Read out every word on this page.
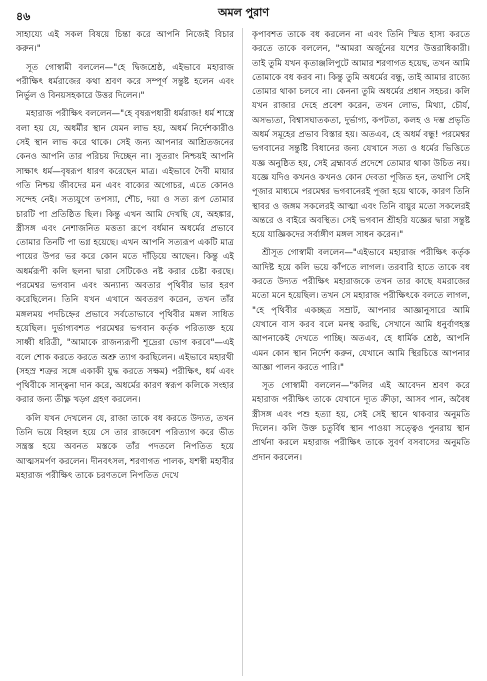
৪৬	অমল পুরাণ

সাহায্যে এই সকল বিষয়ে চিন্তা করে আপনি নিজেই বিচার করুন।"

সূত গোস্বামী বললেন—"হে দ্বিজশ্রেষ্ঠ, এইভাবে মহারাজ পরীক্ষিৎ ধর্মরাজের কথা শ্রবণ করে সম্পূর্ণ সন্তুষ্ট হলেন এবং নির্ভুল ও বিনয়সহকারে উত্তর দিলেন।"

মহারাজ পরীক্ষিৎ বললেন—"হে বৃষরূপধারী ধর্মরাজ! ধর্ম শাস্ত্রে বলা হয় যে, অধর্মীর স্থান যেমন লাভ হয়, অধর্ম নির্দেশকারীও সেই স্থান লাভ করে থাকে। সেই জন্য আপনার আশ্রিতজনের কেনও আপনি তার পরিচয় দিচ্ছেন না। সুতরাং নিশ্চয়ই আপনি সাক্ষাৎ ধর্ম—বৃষরূপ ধারণ করেছেন মাত্র। এইভাবে দৈবী মায়ার গতি নিশ্চয় জীবদের মন এবং বাক্যের অগোচর, এতে কোনও সন্দেহ নেই। সত্যযুগে তপস্যা, শৌচ, দয়া ও সত্য রূপ তোমার চারটি পা প্রতিষ্ঠিত ছিল। কিন্তু এখন আমি দেখছি যে, অহঙ্কার, স্ত্রীসঙ্গ এবং নেশাজনিত মত্ততা রূপে বর্ধমান অধর্মের প্রভাবে তোমার তিনটি পা ভগ্ন হয়েছে। এখন আপনি সত্যরূপ একটি মাত্র পায়ের উপর ভর করে কোন মতে দাঁড়িয়ে আছেন। কিন্তু এই অধর্মরূপী কলি ছলনা দ্বারা সেটিকেও নষ্ট করার চেষ্টা করছে। পরমেশ্বর ভগবান এবং অন্যান্য অবতার পৃথিবীর ভার হরণ করেছিলেন। তিনি যখন এখানে অবতরণ করেন, তখন তাঁর মঙ্গলময় পদচিহ্নের প্রভাবে সর্বতোভাবে পৃথিবীর মঙ্গল সাধিত হয়েছিল। দুর্ভাগ্যবশত পরমেশ্বর ভগবান কর্তৃক পরিত্যক্ত হয়ে সাধ্বী ধরিত্রী, "আমাকে রাজন্যরূপী শূদ্রেরা ভোগ করবে"—এই বলে শোক করতে করতে অশ্রু ত্যাগ করছিলেন। এইভাবে মহারথী (সহস্র শত্রুর সঙ্গে একাকী যুদ্ধ করতে সক্ষম) পরীক্ষিৎ, ধর্ম এবং পৃথিবীকে সান্ত্বনা দান করে, অধর্মের কারণ স্বরূপ কলিকে সংহার করার জন্য তীক্ষ্ণ খড়্গ গ্রহণ করলেন।

কলি যখন দেখলেন যে, রাজা তাকে বধ করতে উদ্যত, তখন তিনি ভয়ে বিহ্বল হয়ে সে তার রাজবেশ পরিত্যাগ করে ভীত সন্ত্রস্ত হয়ে অবনত মস্তকে তাঁর পদতলে নিপতিত হয়ে আত্মসমর্পণ করলেন। দীনবৎসল, শরণাগত পালক, যশস্বী মহাবীর মহারাজ পরীক্ষিৎ তাকে চরণতলে নিপতিত দেখে

কৃপাবশত তাকে বধ করলেন না এবং তিনি স্মিত হাস্য করতে করতে তাকে বললেন, "আমরা অর্জুনের যশের উত্তরাধিকারী। তাই তুমি যখন কৃতাঞ্জলিপুটে আমার শরণাগত হয়েছ, তখন আমি তোমাকে বধ করব না। কিন্তু তুমি অধর্মের বন্ধু, তাই আমার রাজ্যে তোমার থাকা চলবে না। কেননা তুমি অধর্মের প্রধান সহচর। কলি যখন রাজার দেহে প্রবেশ করেন, তখন লোভ, মিথ্যা, চৌর্য, অসভ্যতা, বিশ্বাসঘাতকতা, দুর্ভাগ্য, কপটতা, কলহ ও দম্ভ প্রভৃতি অধর্ম সমূহের প্রভাব বিস্তার হয়। অতএব, হে অধর্ম বন্ধু! পরমেশ্বর ভগবানের সন্তুষ্টি বিধানের জন্য যেখানে সত্য ও ধর্মের ভিত্তিতে যজ্ঞ অনুষ্ঠিত হয়, সেই ব্রহ্মাবর্ত প্রদেশে তোমার থাকা উচিত নয়। যজ্ঞে যদিও কখনও কখনও কোন দেবতা পূজিত হন, তথাপি সেই পূজার মাধ্যমে পরমেশ্বর ভগবানেরই পূজা হয়ে থাকে, কারণ তিনি স্থাবর ও জঙ্গম সকলেরই আত্মা এবং তিনি বায়ুর মতো সকলেরই অন্তরে ও বাইরে অবস্থিত। সেই ভগবান শ্রীহরি যজ্ঞের দ্বারা সন্তুষ্ট হয়ে যাজ্ঞিকদের সর্বাঙ্গীণ মঙ্গল সাধন করেন।"

শ্রীসূত গোস্বামী বললেন—"এইভাবে মহারাজ পরীক্ষিৎ কর্তৃক আদিষ্ট হয়ে কলি ভয়ে কাঁপতে লাগল। তরবারি হাতে তাকে বধ করতে উদ্যত পরীক্ষিৎ মহারাজকে তখন তার কাছে যমরাজের মতো মনে হয়েছিল। তখন সে মহারাজ পরীক্ষিৎকে বলতে লাগল, "হে পৃথিবীর একচ্ছত্র সম্রাট, আপনার আজ্ঞানুসারে আমি যেখানে বাস করব বলে মনস্থ করছি, সেখানে আমি ধনুর্বাণহস্ত আপনাকেই দেখতে পাচ্ছি। অতএব, হে ধার্মিক শ্রেষ্ঠ, আপনি এমন কোন স্থান নির্দেশ করুন, যেখানে আমি স্থিরচিত্তে আপনার আজ্ঞা পালন করতে পারি।"

সূত গোস্বামী বললেন—"কলির এই আবেদন শ্রবণ করে মহারাজ পরীক্ষিৎ তাকে যেখানে দ্যূত ক্রীড়া, আসব পান, অবৈধ স্ত্রীসঙ্গ এবং পশু হত্যা হয়, সেই সেই স্থানে থাকবার অনুমতি দিলেন। কলি উক্ত চতুর্বিধ স্থান পাওয়া সত্ত্বেও পুনরায় স্থান প্রার্থনা করলে মহারাজ পরীক্ষিৎ তাকে সুবর্ণ বসবাসের অনুমতি প্রদান করলেন।
